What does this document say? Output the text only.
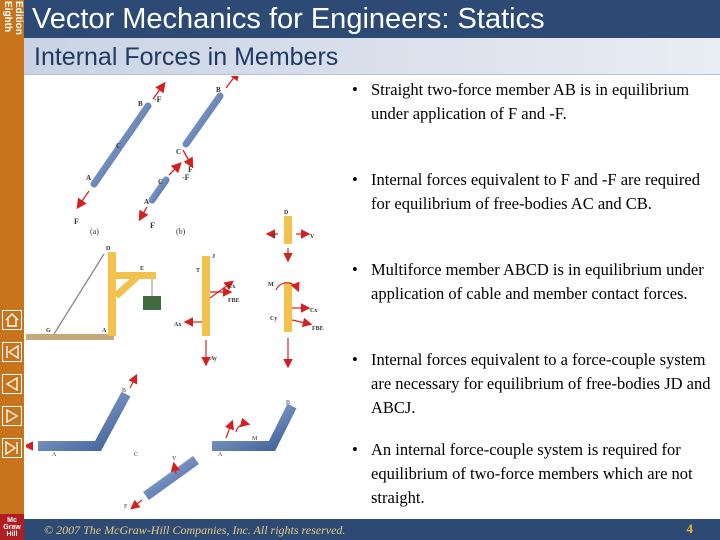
Eighth Edition
Mc
Graw
Hill
Vector Mechanics for Engineers: Statics
Internal Forces in Members
-F
F
B
A
C
(a)
B
C
F
C -F
A
F
(b)
D
T	V
E
D
A
G
J
T
Cx
FBE
Ax
Ay
M
Cx
Cy
FBE
B
A	C
B
A
M
V
F
• Straight two-force member AB is in equilibrium under application of F and -F.
• Internal forces equivalent to F and -F are required for equilibrium of free-bodies AC and CB.
• Multiforce member ABCD is in equilibrium under application of cable and member contact forces.
• Internal forces equivalent to a force-couple system are necessary for equilibrium of free-bodies JD and ABCJ.
• An internal force-couple system is required for equilibrium of two-force members which are not straight.
© 2007 The McGraw-Hill Companies, Inc. All rights reserved.	4
